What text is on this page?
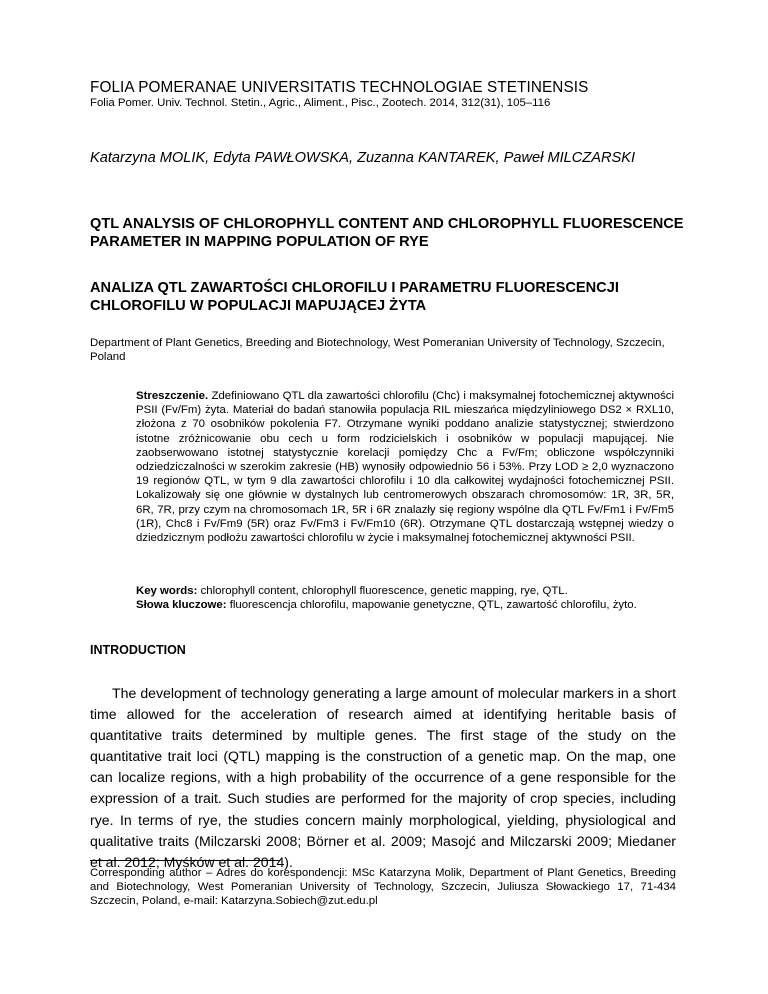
FOLIA POMERANAE UNIVERSITATIS TECHNOLOGIAE STETINENSIS
Folia Pomer. Univ. Technol. Stetin., Agric., Aliment., Pisc., Zootech. 2014, 312(31), 105–116
Katarzyna MOLIK, Edyta PAWŁOWSKA, Zuzanna KANTAREK, Paweł MILCZARSKI
QTL ANALYSIS OF CHLOROPHYLL CONTENT AND CHLOROPHYLL FLUORESCENCE PARAMETER IN MAPPING POPULATION OF RYE
ANALIZA QTL ZAWARTOŚCI CHLOROFILU I PARAMETRU FLUORESCENCJI CHLOROFILU W POPULACJI MAPUJĄCEJ ŻYTA
Department of Plant Genetics, Breeding and Biotechnology, West Pomeranian University of Technology, Szczecin, Poland
Streszczenie. Zdefiniowano QTL dla zawartości chlorofilu (Chc) i maksymalnej fotochemicznej aktywności PSII (Fv/Fm) żyta. Materiał do badań stanowiła populacja RIL mieszańca międzyliniowego DS2 × RXL10, złożona z 70 osobników pokolenia F7. Otrzymane wyniki poddano analizie statystycznej; stwierdzono istotne zróżnicowanie obu cech u form rodzicielskich i osobników w populacji mapującej. Nie zaobserwowano istotnej statystycznie korelacji pomiędzy Chc a Fv/Fm; obliczone współczynniki odziedziczalności w szerokim zakresie (HB) wynosiły odpowiednio 56 i 53%. Przy LOD ≥ 2,0 wyznaczono 19 regionów QTL, w tym 9 dla zawartości chlorofilu i 10 dla całkowitej wydajności fotochemicznej PSII. Lokalizowały się one głównie w dystalnych lub centromerowych obszarach chromosomów: 1R, 3R, 5R, 6R, 7R, przy czym na chromosomach 1R, 5R i 6R znalazły się regiony wspólne dla QTL Fv/Fm1 i Fv/Fm5 (1R), Chc8 i Fv/Fm9 (5R) oraz Fv/Fm3 i Fv/Fm10 (6R). Otrzymane QTL dostarczają wstępnej wiedzy o dziedzicznym podłożu zawartości chlorofilu w życie i maksymalnej fotochemicznej aktywności PSII.

Key words: chlorophyll content, chlorophyll fluorescence, genetic mapping, rye, QTL.

Słowa kluczowe: fluorescencja chlorofilu, mapowanie genetyczne, QTL, zawartość chlorofilu, żyto.

INTRODUCTION
The development of technology generating a large amount of molecular markers in a short time allowed for the acceleration of research aimed at identifying heritable basis of quantitative traits determined by multiple genes. The first stage of the study on the quantitative trait loci (QTL) mapping is the construction of a genetic map. On the map, one can localize regions, with a high probability of the occurrence of a gene responsible for the expression of a trait. Such studies are performed for the majority of crop species, including rye. In terms of rye, the studies concern mainly morphological, yielding, physiological and qualitative traits (Milczarski 2008; Börner et al. 2009; Masojć and Milczarski 2009; Miedaner et al. 2012; Myśków et al. 2014).
Corresponding author – Adres do korespondencji: MSc Katarzyna Molik, Department of Plant Genetics, Breeding and Biotechnology, West Pomeranian University of Technology, Szczecin, Juliusza Słowackiego 17, 71-434 Szczecin, Poland, e-mail: Katarzyna.Sobiech@zut.edu.pl
